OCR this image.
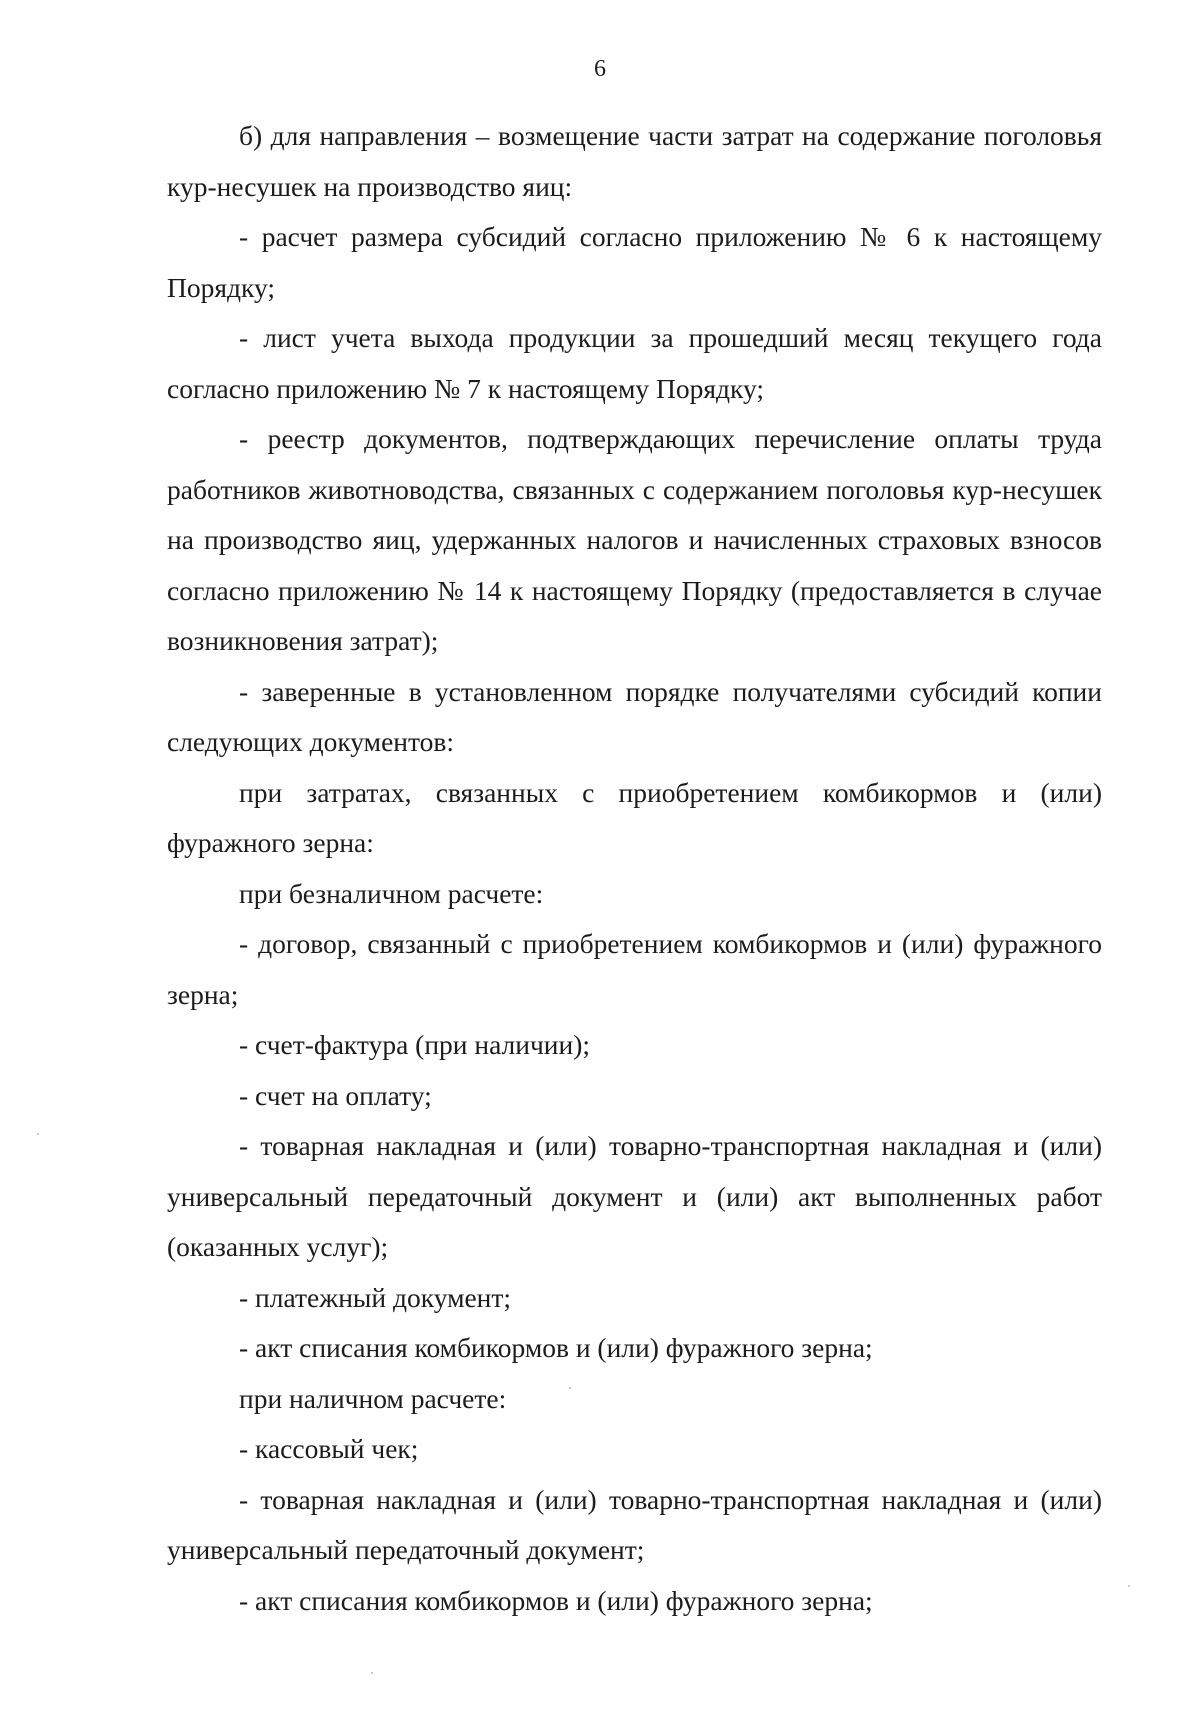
6

б) для направления – возмещение части затрат на содержание поголовья кур-несушек на производство яиц:

- расчет размера субсидий согласно приложению № 6 к настоящему Порядку;

- лист учета выхода продукции за прошедший месяц текущего года согласно приложению № 7 к настоящему Порядку;

- реестр документов, подтверждающих перечисление оплаты труда работников животноводства, связанных с содержанием поголовья кур-несушек на производство яиц, удержанных налогов и начисленных страховых взносов согласно приложению № 14 к настоящему Порядку (предоставляется в случае возникновения затрат);

- заверенные в установленном порядке получателями субсидий копии следующих документов:

при затратах, связанных с приобретением комбикормов и (или) фуражного зерна:

при безналичном расчете:

- договор, связанный с приобретением комбикормов и (или) фуражного зерна;

- счет-фактура (при наличии);

- счет на оплату;

- товарная накладная и (или) товарно-транспортная накладная и (или) универсальный передаточный документ и (или) акт выполненных работ (оказанных услуг);

- платежный документ;

- акт списания комбикормов и (или) фуражного зерна;

при наличном расчете:

- кассовый чек;

- товарная накладная и (или) товарно-транспортная накладная и (или) универсальный передаточный документ;

- акт списания комбикормов и (или) фуражного зерна;
